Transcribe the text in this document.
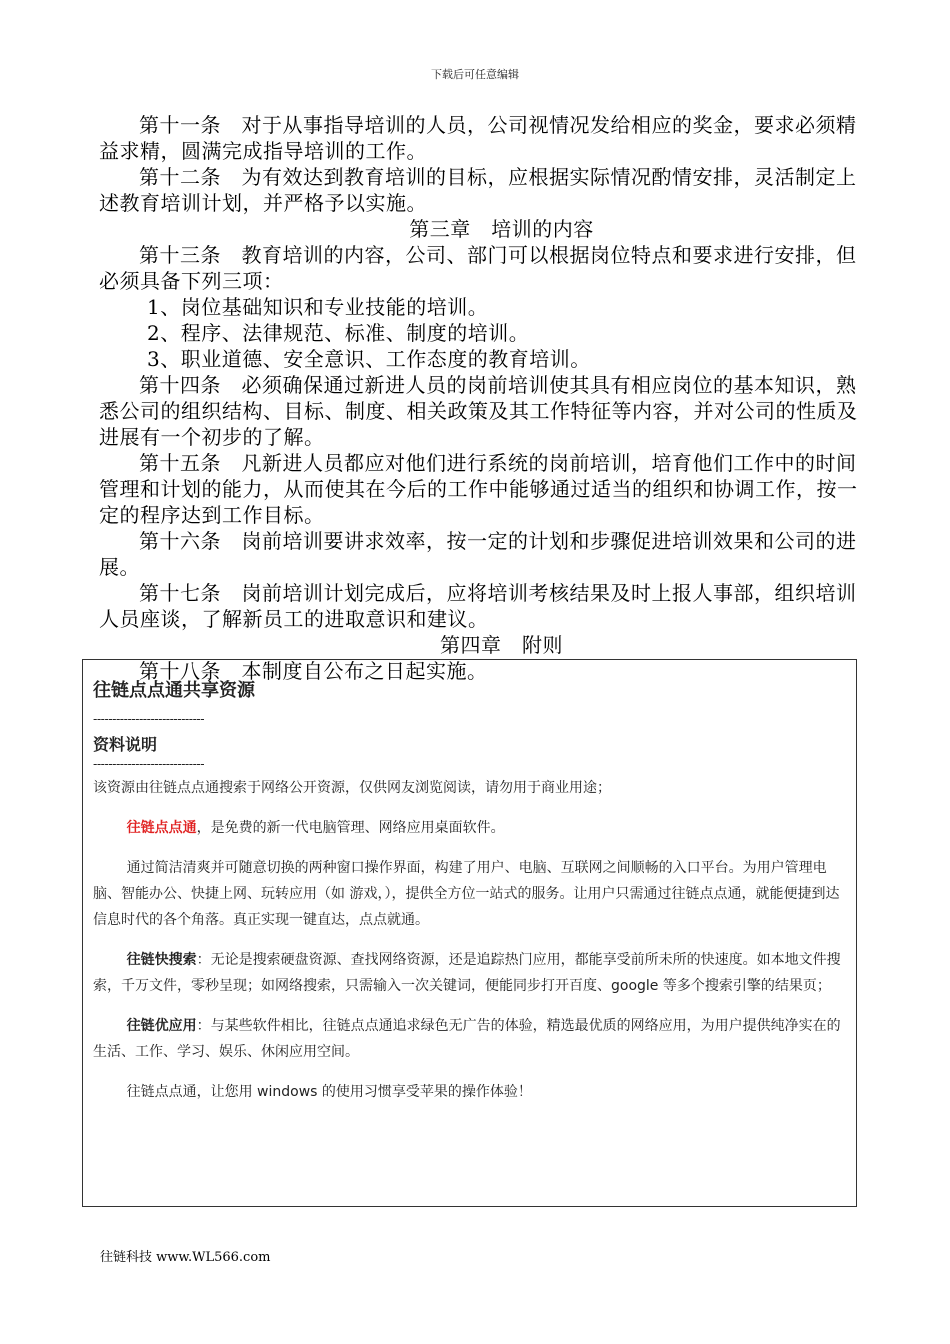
下载后可任意编辑

第十一条　对于从事指导培训的人员，公司视情况发给相应的奖金，要求必须精益求精，圆满完成指导培训的工作。

第十二条　为有效达到教育培训的目标，应根据实际情况酌情安排，灵活制定上述教育培训计划，并严格予以实施。

第三章　培训的内容

第十三条　教育培训的内容，公司、部门可以根据岗位特点和要求进行安排，但必须具备下列三项：

1、岗位基础知识和专业技能的培训。

2、程序、法律规范、标准、制度的培训。

3、职业道德、安全意识、工作态度的教育培训。

第十四条　必须确保通过新进人员的岗前培训使其具有相应岗位的基本知识，熟悉公司的组织结构、目标、制度、相关政策及其工作特征等内容，并对公司的性质及进展有一个初步的了解。

第十五条　凡新进人员都应对他们进行系统的岗前培训，培育他们工作中的时间管理和计划的能力，从而使其在今后的工作中能够通过适当的组织和协调工作，按一定的程序达到工作目标。

第十六条　岗前培训要讲求效率，按一定的计划和步骤促进培训效果和公司的进展。

第十七条　岗前培训计划完成后，应将培训考核结果及时上报人事部，组织培训人员座谈，了解新员工的进取意识和建议。

第四章　附则

第十八条　本制度自公布之日起实施。

往链点点通共享资源

-----------------------------

资料说明

-----------------------------

该资源由往链点点通搜索于网络公开资源，仅供网友浏览阅读，请勿用于商业用途；

往链点点通，是免费的新一代电脑管理、网络应用桌面软件。

通过简洁清爽并可随意切换的两种窗口操作界面，构建了用户、电脑、互联网之间顺畅的入口平台。为用户管理电脑、智能办公、快捷上网、玩转应用（如 游戏，），提供全方位一站式的服务。让用户只需通过往链点点通，就能便捷到达信息时代的各个角落。真正实现一键直达，点点就通。

往链快搜索：无论是搜索硬盘资源、查找网络资源，还是追踪热门应用，都能享受前所未所的快速度。如本地文件搜索，千万文件，零秒呈现；如网络搜索，只需输入一次关键词，便能同步打开百度、google 等多个搜索引擎的结果页；

往链优应用：与某些软件相比，往链点点通追求绿色无广告的体验，精选最优质的网络应用，为用户提供纯净实在的生活、工作、学习、娱乐、休闲应用空间。

往链点点通，让您用 windows 的使用习惯享受苹果的操作体验！

往链科技 www.WL566.com
